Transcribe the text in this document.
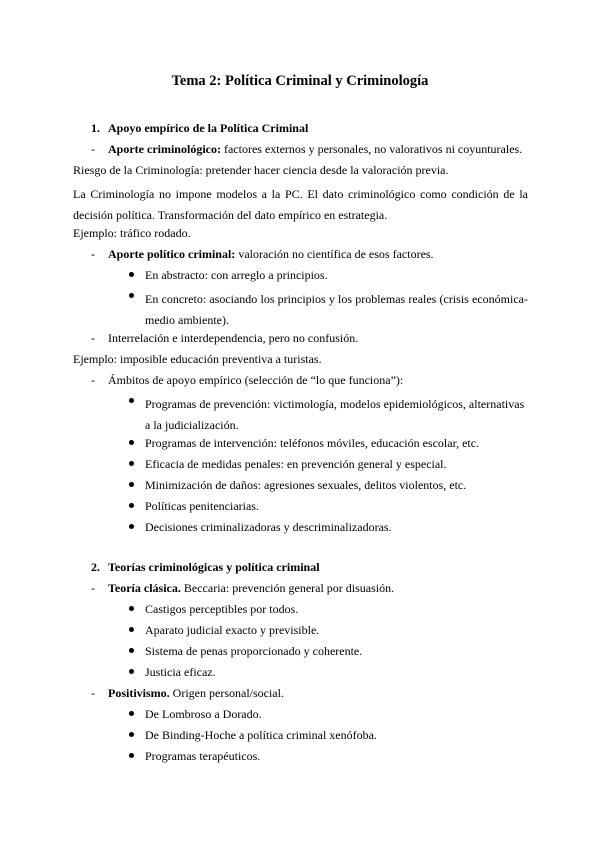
Tema 2: Política Criminal y Criminología
1. Apoyo empírico de la Política Criminal
- Aporte criminológico: factores externos y personales, no valorativos ni coyunturales.
Riesgo de la Criminología: pretender hacer ciencia desde la valoración previa.
La Criminología no impone modelos a la PC. El dato criminológico como condición de la decisión política. Transformación del dato empírico en estrategia.
Ejemplo: tráfico rodado.
- Aporte político criminal: valoración no científica de esos factores.
En abstracto: con arreglo a principios.
En concreto: asociando los principios y los problemas reales (crisis económica-medio ambiente).
- Interrelación e interdependencia, pero no confusión.
Ejemplo: imposible educación preventiva a turistas.
- Ámbitos de apoyo empírico (selección de “lo que funciona”):
Programas de prevención: victimología, modelos epidemiológicos, alternativas a la judicialización.
Programas de intervención: teléfonos móviles, educación escolar, etc.
Eficacia de medidas penales: en prevención general y especial.
Minimización de daños: agresiones sexuales, delitos violentos, etc.
Políticas penitenciarias.
Decisiones criminalizadoras y descriminalizadoras.
2. Teorías criminológicas y política criminal
- Teoría clásica. Beccaria: prevención general por disuasión.
Castigos perceptibles por todos.
Aparato judicial exacto y previsible.
Sistema de penas proporcionado y coherente.
Justicia eficaz.
- Positivismo. Origen personal/social.
De Lombroso a Dorado.
De Binding-Hoche a política criminal xenófoba.
Programas terapéuticos.
